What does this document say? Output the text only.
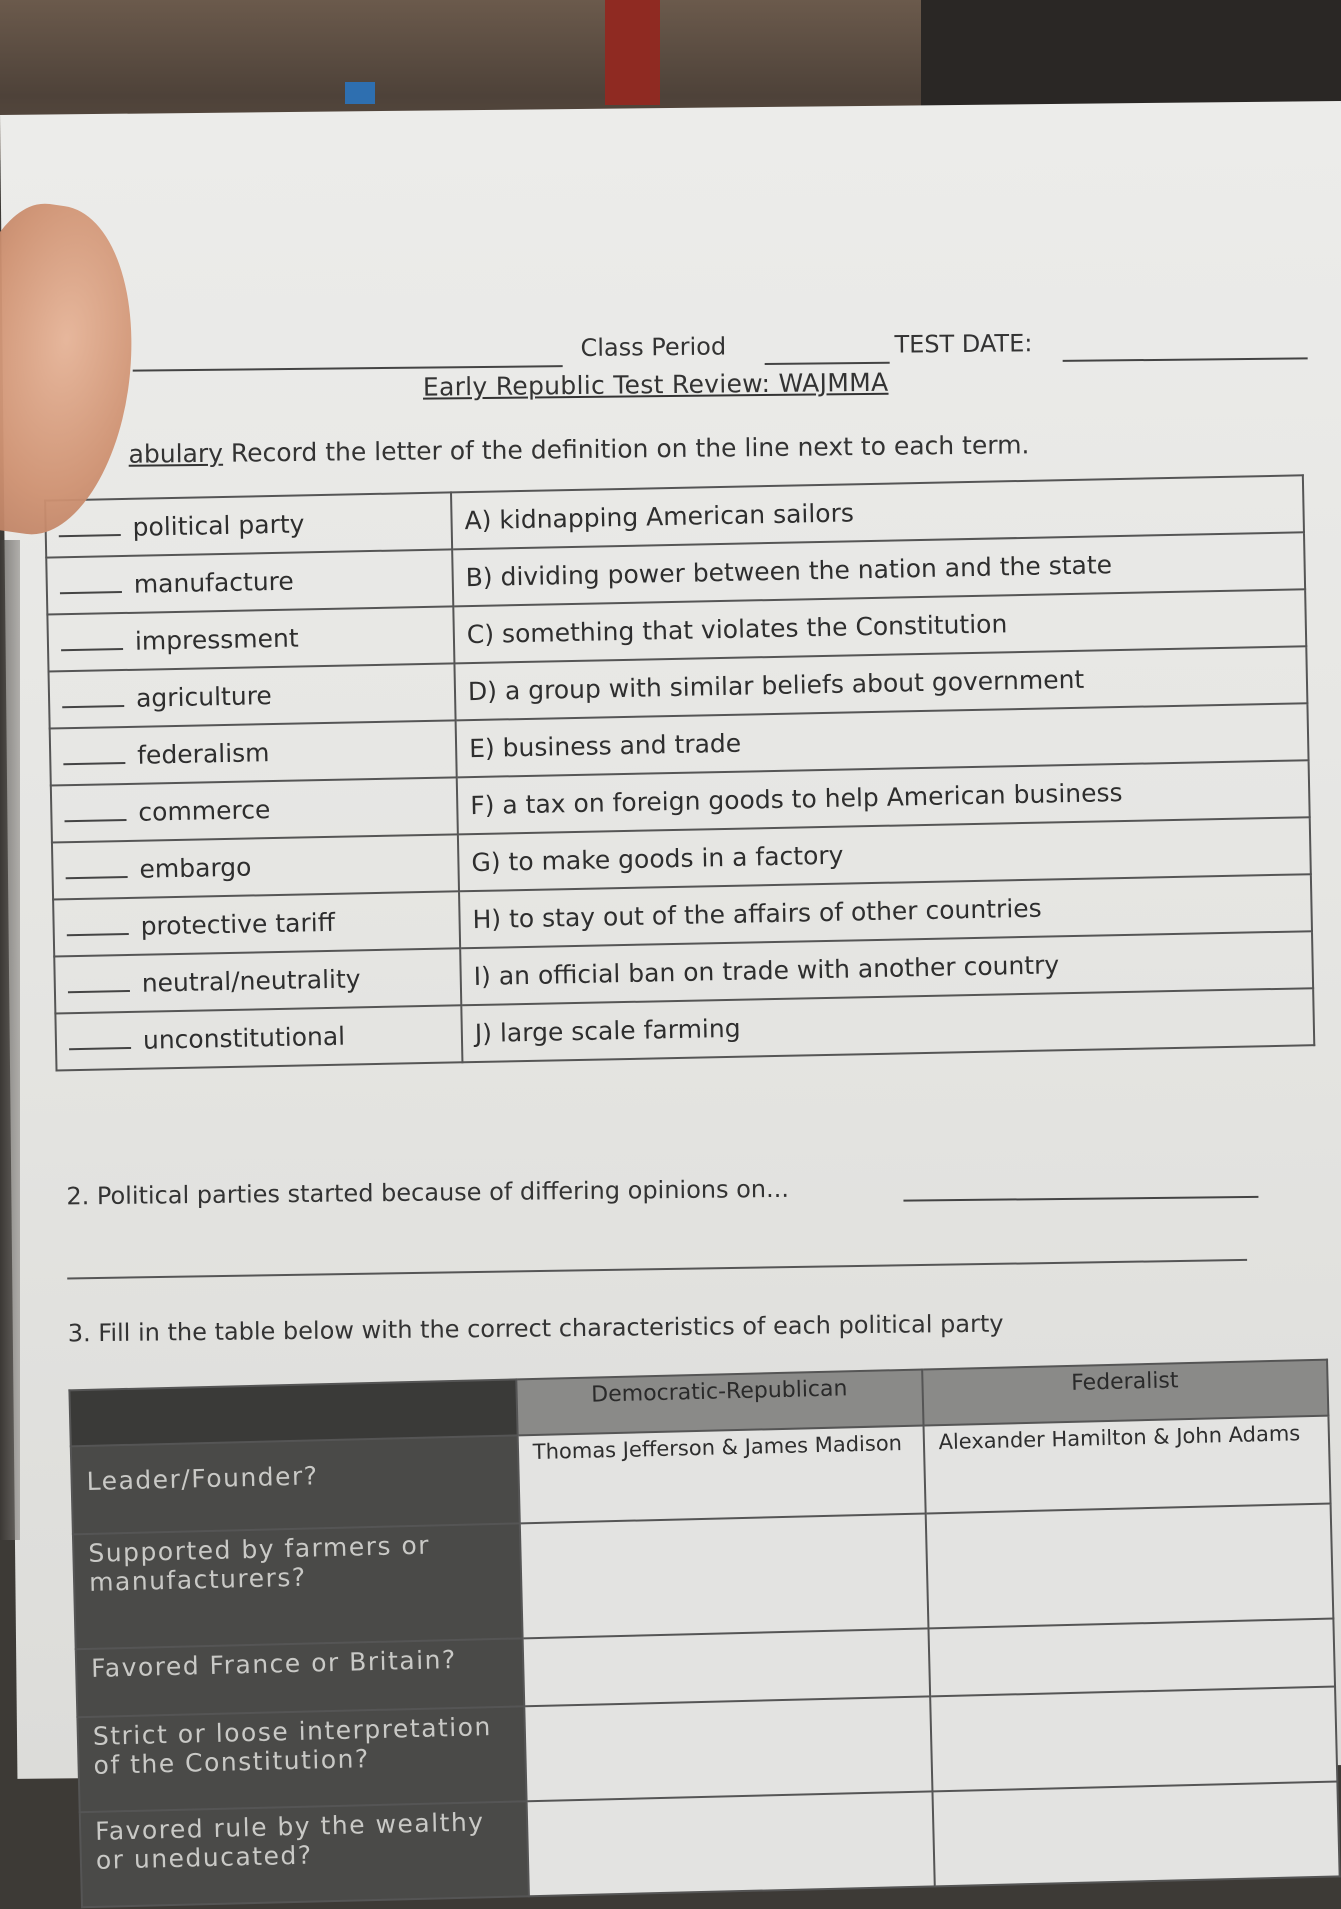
Class Period	TEST DATE:
Early Republic Test Review: WAJMMA
abulary Record the letter of the definition on the line next to each term.
political party	A) kidnapping American sailors
manufacture	B) dividing power between the nation and the state
impressment	C) something that violates the Constitution
agriculture	D) a group with similar beliefs about government
federalism	E) business and trade
commerce	F) a tax on foreign goods to help American business
embargo	G) to make goods in a factory
protective tariff	H) to stay out of the affairs of other countries
neutral/neutrality	I) an official ban on trade with another country
unconstitutional	J) large scale farming
2. Political parties started because of differing opinions on...
3. Fill in the table below with the correct characteristics of each political party
	Democratic-Republican	Federalist
Leader/Founder?	Thomas Jefferson & James Madison	Alexander Hamilton & John Adams
Supported by farmers or manufacturers?		
Favored France or Britain?		
Strict or loose interpretation of the Constitution?		
Favored rule by the wealthy or uneducated?		
